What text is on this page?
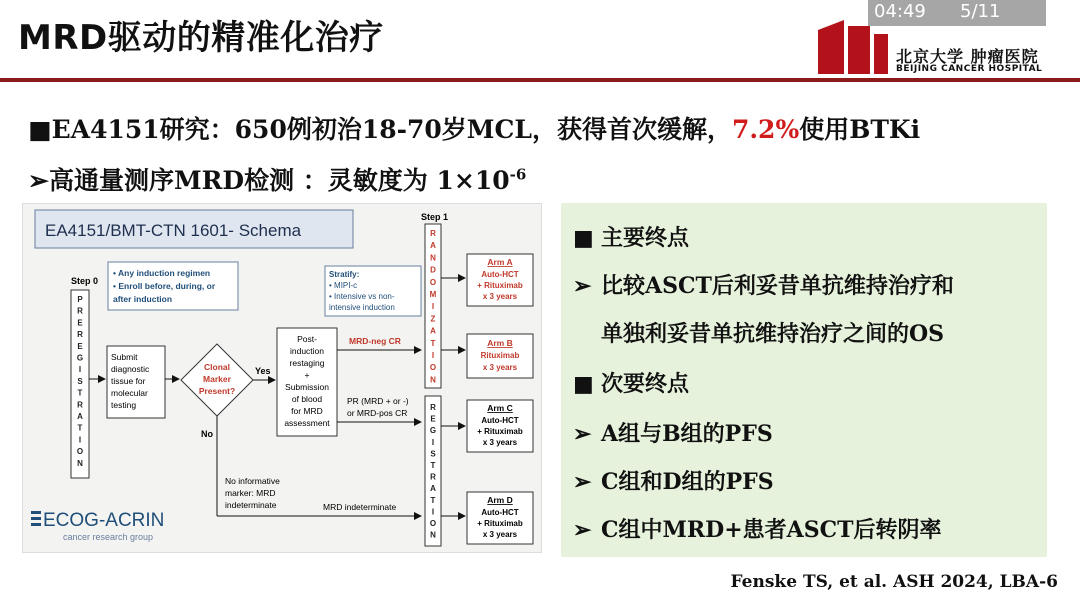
MRD驱动的精准化治疗
04:49 5/11
北京大学 肿瘤医院
BEIJING CANCER HOSPITAL
■EA4151研究：650例初治18-70岁MCL，获得首次缓解，7.2%使用BTKi
➢高通量测序MRD检测 ：灵敏度为 $1\times 10^{-6}$
EA4151/BMT-CTN 1601- Schema
Step 0
P
R
E
R
E
G
I
S
T
R
A
T
I
O
N
• Any induction regimen
• Enroll before, during, or
after induction
Submit
diagnostic
tissue for
molecular
testing
Clonal
Marker
Present?
Yes
No
No informative
marker: MRD
indeterminate	MRD indeterminate
Post-
induction
restaging
+
Submission
of blood
for MRD
assessment
MRD-neg CR
PR (MRD + or -)
or MRD-pos CR
Stratify:
• MIPI-c
• Intensive vs non-
intensive induction
Step 1
R
A
N
D
O
M
I
Z
A
T
I
O
N
R
E
G
I
S
T
R
A
T
I
O
N
Arm A
Auto-HCT
+ Rituximab
x 3 years
Arm B
Rituximab
x 3 years
Arm C
Auto-HCT
+ Rituximab
x 3 years
Arm D
Auto-HCT
+ Rituximab
x 3 years
ECOG-ACRIN
cancer research group
■ 主要终点
➢ 比较ASCT后利妥昔单抗维持治疗和
单独利妥昔单抗维持治疗之间的OS
■ 次要终点
➢ A组与B组的PFS
➢ C组和D组的PFS
➢ C组中MRD+患者ASCT后转阴率
Fenske TS, et al. ASH 2024, LBA-6
